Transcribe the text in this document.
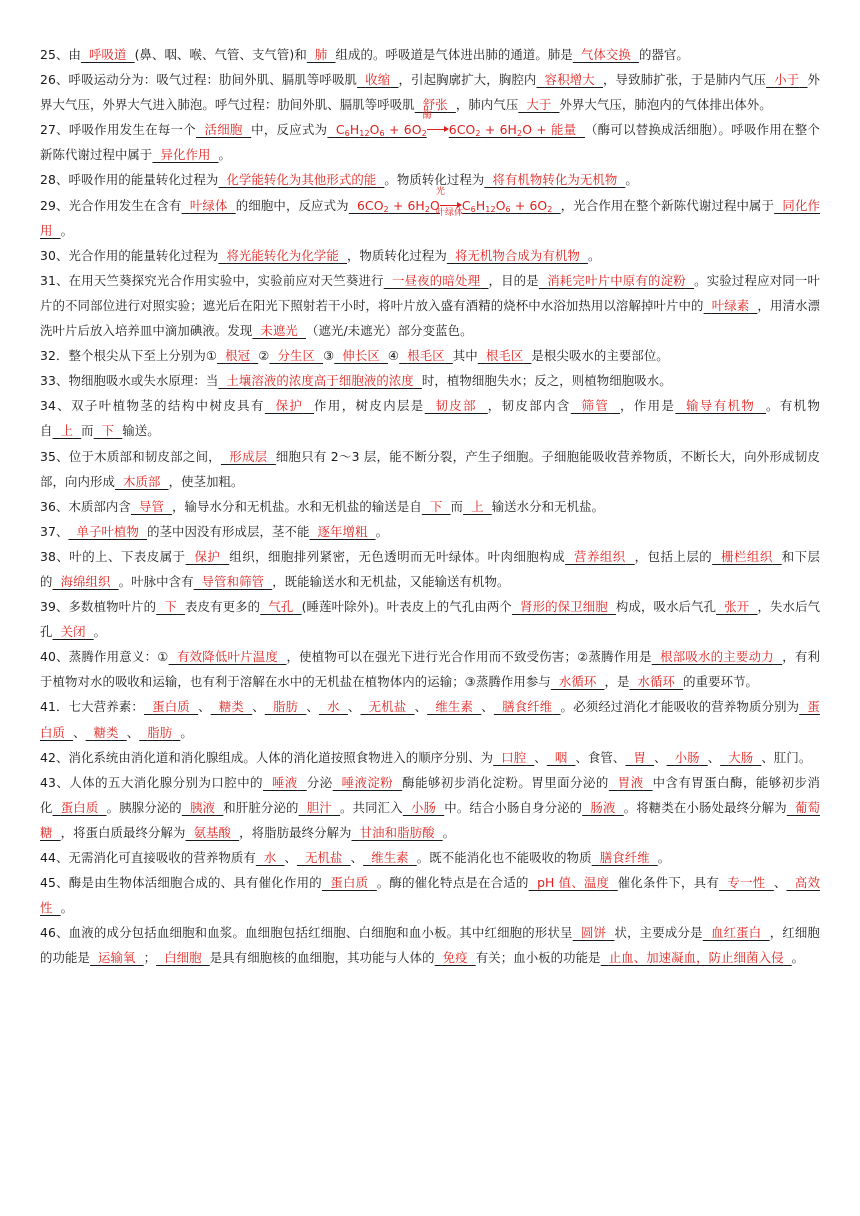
25、由 呼吸道 (鼻、咽、喉、气管、支气管)和 肺 组成的。呼吸道是气体进出肺的通道。肺是 气体交换 的器官。

26、呼吸运动分为：吸气过程：肋间外肌、膈肌等呼吸肌 收缩 ，引起胸廓扩大，胸腔内 容积增大 ，导致肺扩张，于是肺内气压 小于 外界大气压，外界大气进入肺泡。呼气过程：肋间外肌、膈肌等呼吸肌 舒张 ，肺内气压 大于 外界大气压，肺泡内的气体排出体外。

27、呼吸作用发生在每一个 活细胞 中，反应式为 $C_6H_{12}O_6 + 6O_2$
酶
$6CO_2 + 6H_2O$ + 能量 （酶可以替换成活细胞）。呼吸作用在整个新陈代谢过程中属于 异化作用 。

28、呼吸作用的能量转化过程为 化学能转化为其他形式的能 。物质转化过程为 将有机物转化为无机物 。

29、光合作用发生在含有 叶绿体 的细胞中，反应式为 $6CO_2 + 6H_2O$
光
叶绿体
$C_6H_{12}O_6 + 6O_2$ ，光合作用在整个新陈代谢过程中属于 同化作用 。

30、光合作用的能量转化过程为 将光能转化为化学能 ，物质转化过程为 将无机物合成为有机物 。

31、在用天竺葵探究光合作用实验中，实验前应对天竺葵进行 一昼夜的暗处理 ，目的是 消耗完叶片中原有的淀粉 。实验过程应对同一叶片的不同部位进行对照实验；遮光后在阳光下照射若干小时，将叶片放入盛有酒精的烧杯中水浴加热用以溶解掉叶片中的 叶绿素 ，用清水漂洗叶片后放入培养皿中滴加碘液。发现 未遮光 （遮光/未遮光）部分变蓝色。

32．整个根尖从下至上分别为① 根冠 ② 分生区 ③ 伸长区 ④ 根毛区 其中 根毛区 是根尖吸水的主要部位。

33、物细胞吸水或失水原理：当 土壤溶液的浓度高于细胞液的浓度 时，植物细胞失水；反之，则植物细胞吸水。

34、双子叶植物茎的结构中树皮具有 保护 作用，树皮内层是 韧皮部 ，韧皮部内含 筛管 ，作用是 输导有机物 。有机物自 上 而 下 输送。

35、位于木质部和韧皮部之间， 形成层 细胞只有 2～3 层，能不断分裂，产生子细胞。子细胞能吸收营养物质，不断长大，向外形成韧皮部，向内形成 木质部 ，使茎加粗。

36、木质部内含 导管 ，输导水分和无机盐。水和无机盐的输送是自 下 而 上 输送水分和无机盐。

37、 单子叶植物 的茎中因没有形成层，茎不能 逐年增粗 。

38、叶的上、下表皮属于 保护 组织，细胞排列紧密，无色透明而无叶绿体。叶肉细胞构成 营养组织 ，包括上层的 栅栏组织 和下层的 海绵组织 。叶脉中含有 导管和筛管 ，既能输送水和无机盐，又能输送有机物。

39、多数植物叶片的 下 表皮有更多的 气孔 (睡莲叶除外)。叶表皮上的气孔由两个 肾形的保卫细胞 构成，吸水后气孔 张开 ，失水后气孔 关闭 。

40、蒸腾作用意义：① 有效降低叶片温度 ，使植物可以在强光下进行光合作用而不致受伤害；②蒸腾作用是 根部吸水的主要动力 ，有利于植物对水的吸收和运输，也有利于溶解在水中的无机盐在植物体内的运输；③蒸腾作用参与 水循环 ，是 水循环 的重要环节。

41．七大营养素： 蛋白质 、 糖类 、 脂肪 、 水 、 无机盐 、 维生素 、 膳食纤维 。必须经过消化才能吸收的营养物质分别为 蛋白质 、 糖类 、 脂肪 。

42、消化系统由消化道和消化腺组成。人体的消化道按照食物进入的顺序分别、为 口腔 、 咽 、食管、 胃 、 小肠 、 大肠 、肛门。

43、人体的五大消化腺分别为口腔中的 唾液 分泌 唾液淀粉 酶能够初步消化淀粉。胃里面分泌的 胃液 中含有胃蛋白酶，能够初步消化 蛋白质 。胰腺分泌的 胰液 和肝脏分泌的 胆汁 。共同汇入 小肠 中。结合小肠自身分泌的 肠液 。将糖类在小肠处最终分解为 葡萄糖 ，将蛋白质最终分解为 氨基酸 ，将脂肪最终分解为 甘油和脂肪酸 。

44、无需消化可直接吸收的营养物质有 水 、 无机盐 、 维生素 。既不能消化也不能吸收的物质 膳食纤维 。

45、酶是由生物体活细胞合成的、具有催化作用的 蛋白质 。酶的催化特点是在合适的 pH 值、温度 催化条件下，具有 专一性 、 高效性 。

46、血液的成分包括血细胞和血浆。血细胞包括红细胞、白细胞和血小板。其中红细胞的形状呈 圆饼 状，主要成分是 血红蛋白 ，红细胞的功能是 运输氧 ； 白细胞 是具有细胞核的血细胞，其功能与人体的 免疫 有关；血小板的功能是 止血、加速凝血，防止细菌入侵 。
